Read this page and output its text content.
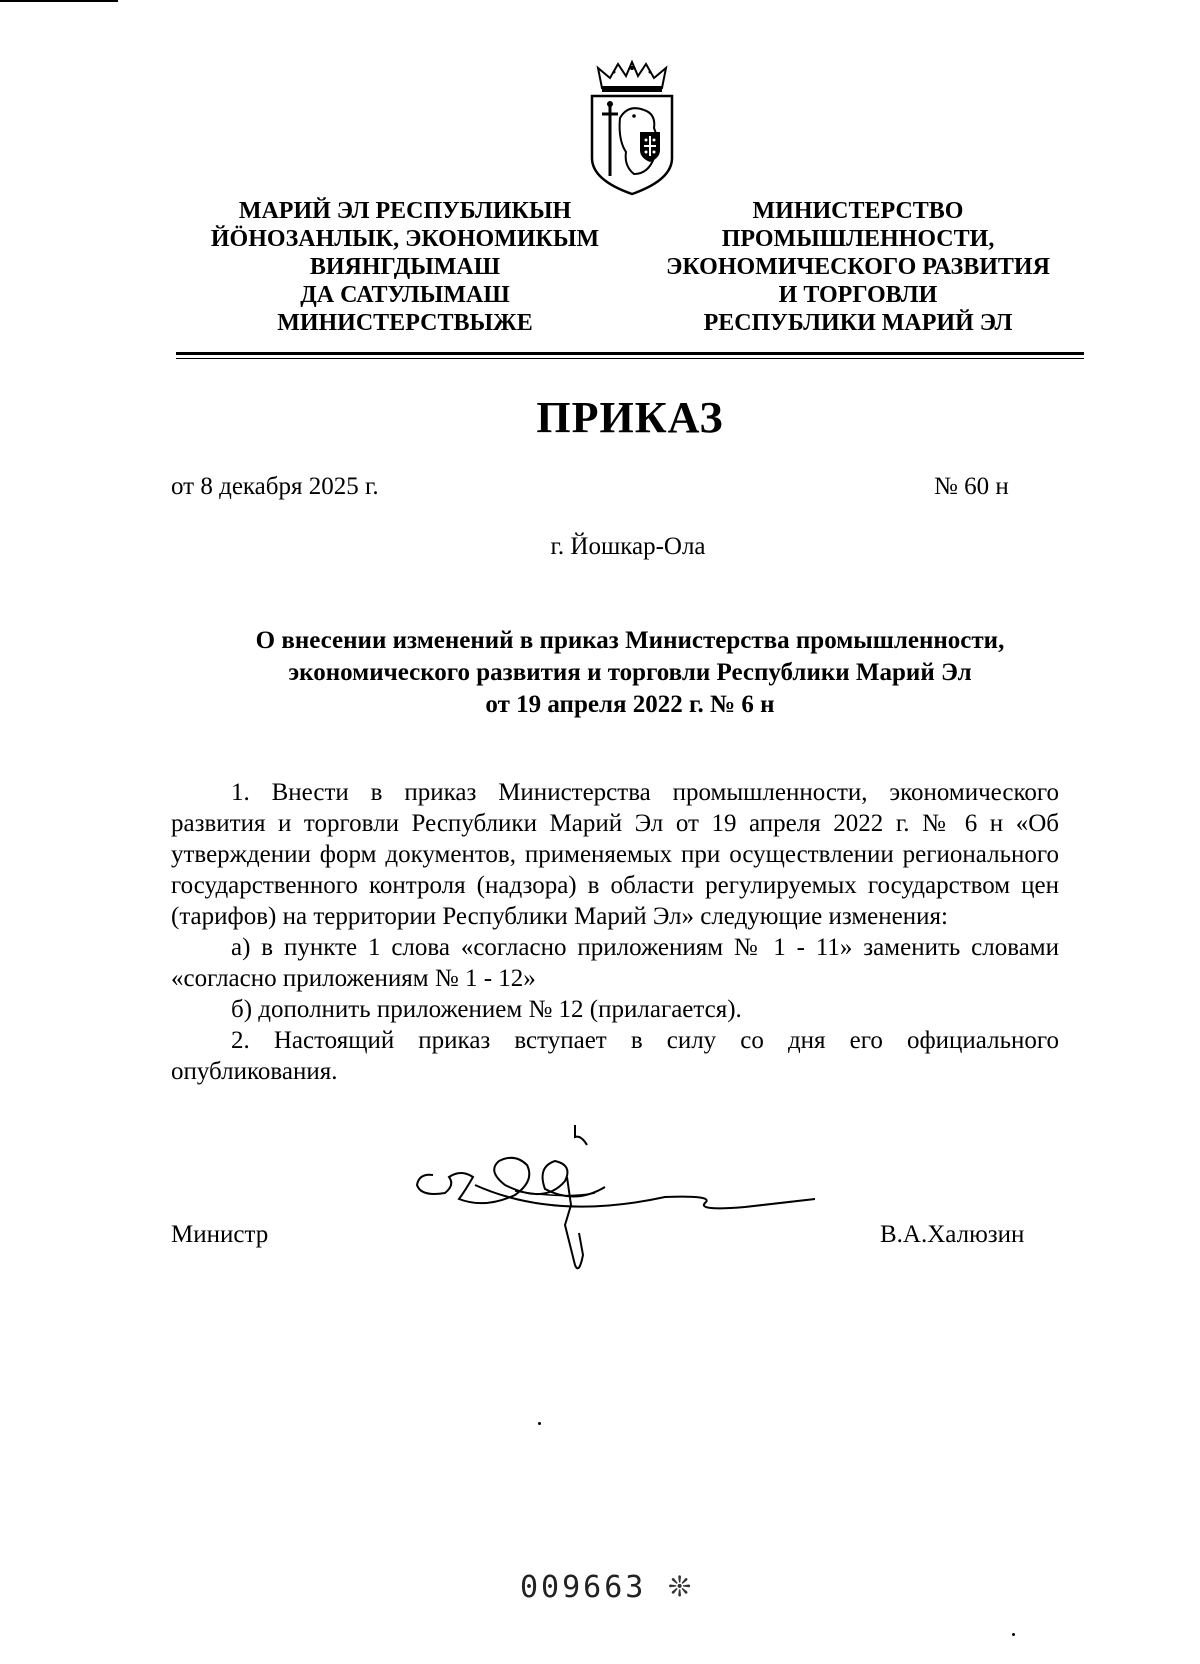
МАРИЙ ЭЛ РЕСПУБЛИКЫН
ЙӦНОЗАНЛЫК, ЭКОНОМИКЫМ
ВИЯНГДЫМАШ
ДА САТУЛЫМАШ
МИНИСТЕРСТВЫЖЕ
МИНИСТЕРСТВО
ПРОМЫШЛЕННОСТИ,
ЭКОНОМИЧЕСКОГО РАЗВИТИЯ
И ТОРГОВЛИ
РЕСПУБЛИКИ МАРИЙ ЭЛ
ПРИКАЗ
от 8 декабря 2025 г.	№ 60 н
г. Йошкар-Ола
О внесении изменений в приказ Министерства промышленности,
экономического развития и торговли Республики Марий Эл
от 19 апреля 2022 г. № 6 н

1. Внести в приказ Министерства промышленности, экономического развития и торговли Республики Марий Эл от 19 апреля 2022 г. № 6 н «Об утверждении форм документов, применяемых при осуществлении регионального государственного контроля (надзора) в области регулируемых государством цен (тарифов) на территории Республики Марий Эл» следующие изменения:

а) в пункте 1 слова «согласно приложениям № 1 - 11» заменить словами «согласно приложениям № 1 - 12»

б) дополнить приложением № 12 (прилагается).

2. Настоящий приказ вступает в силу со дня его официального опубликования.

Министр	В.А.Халюзин
009663 ❊
